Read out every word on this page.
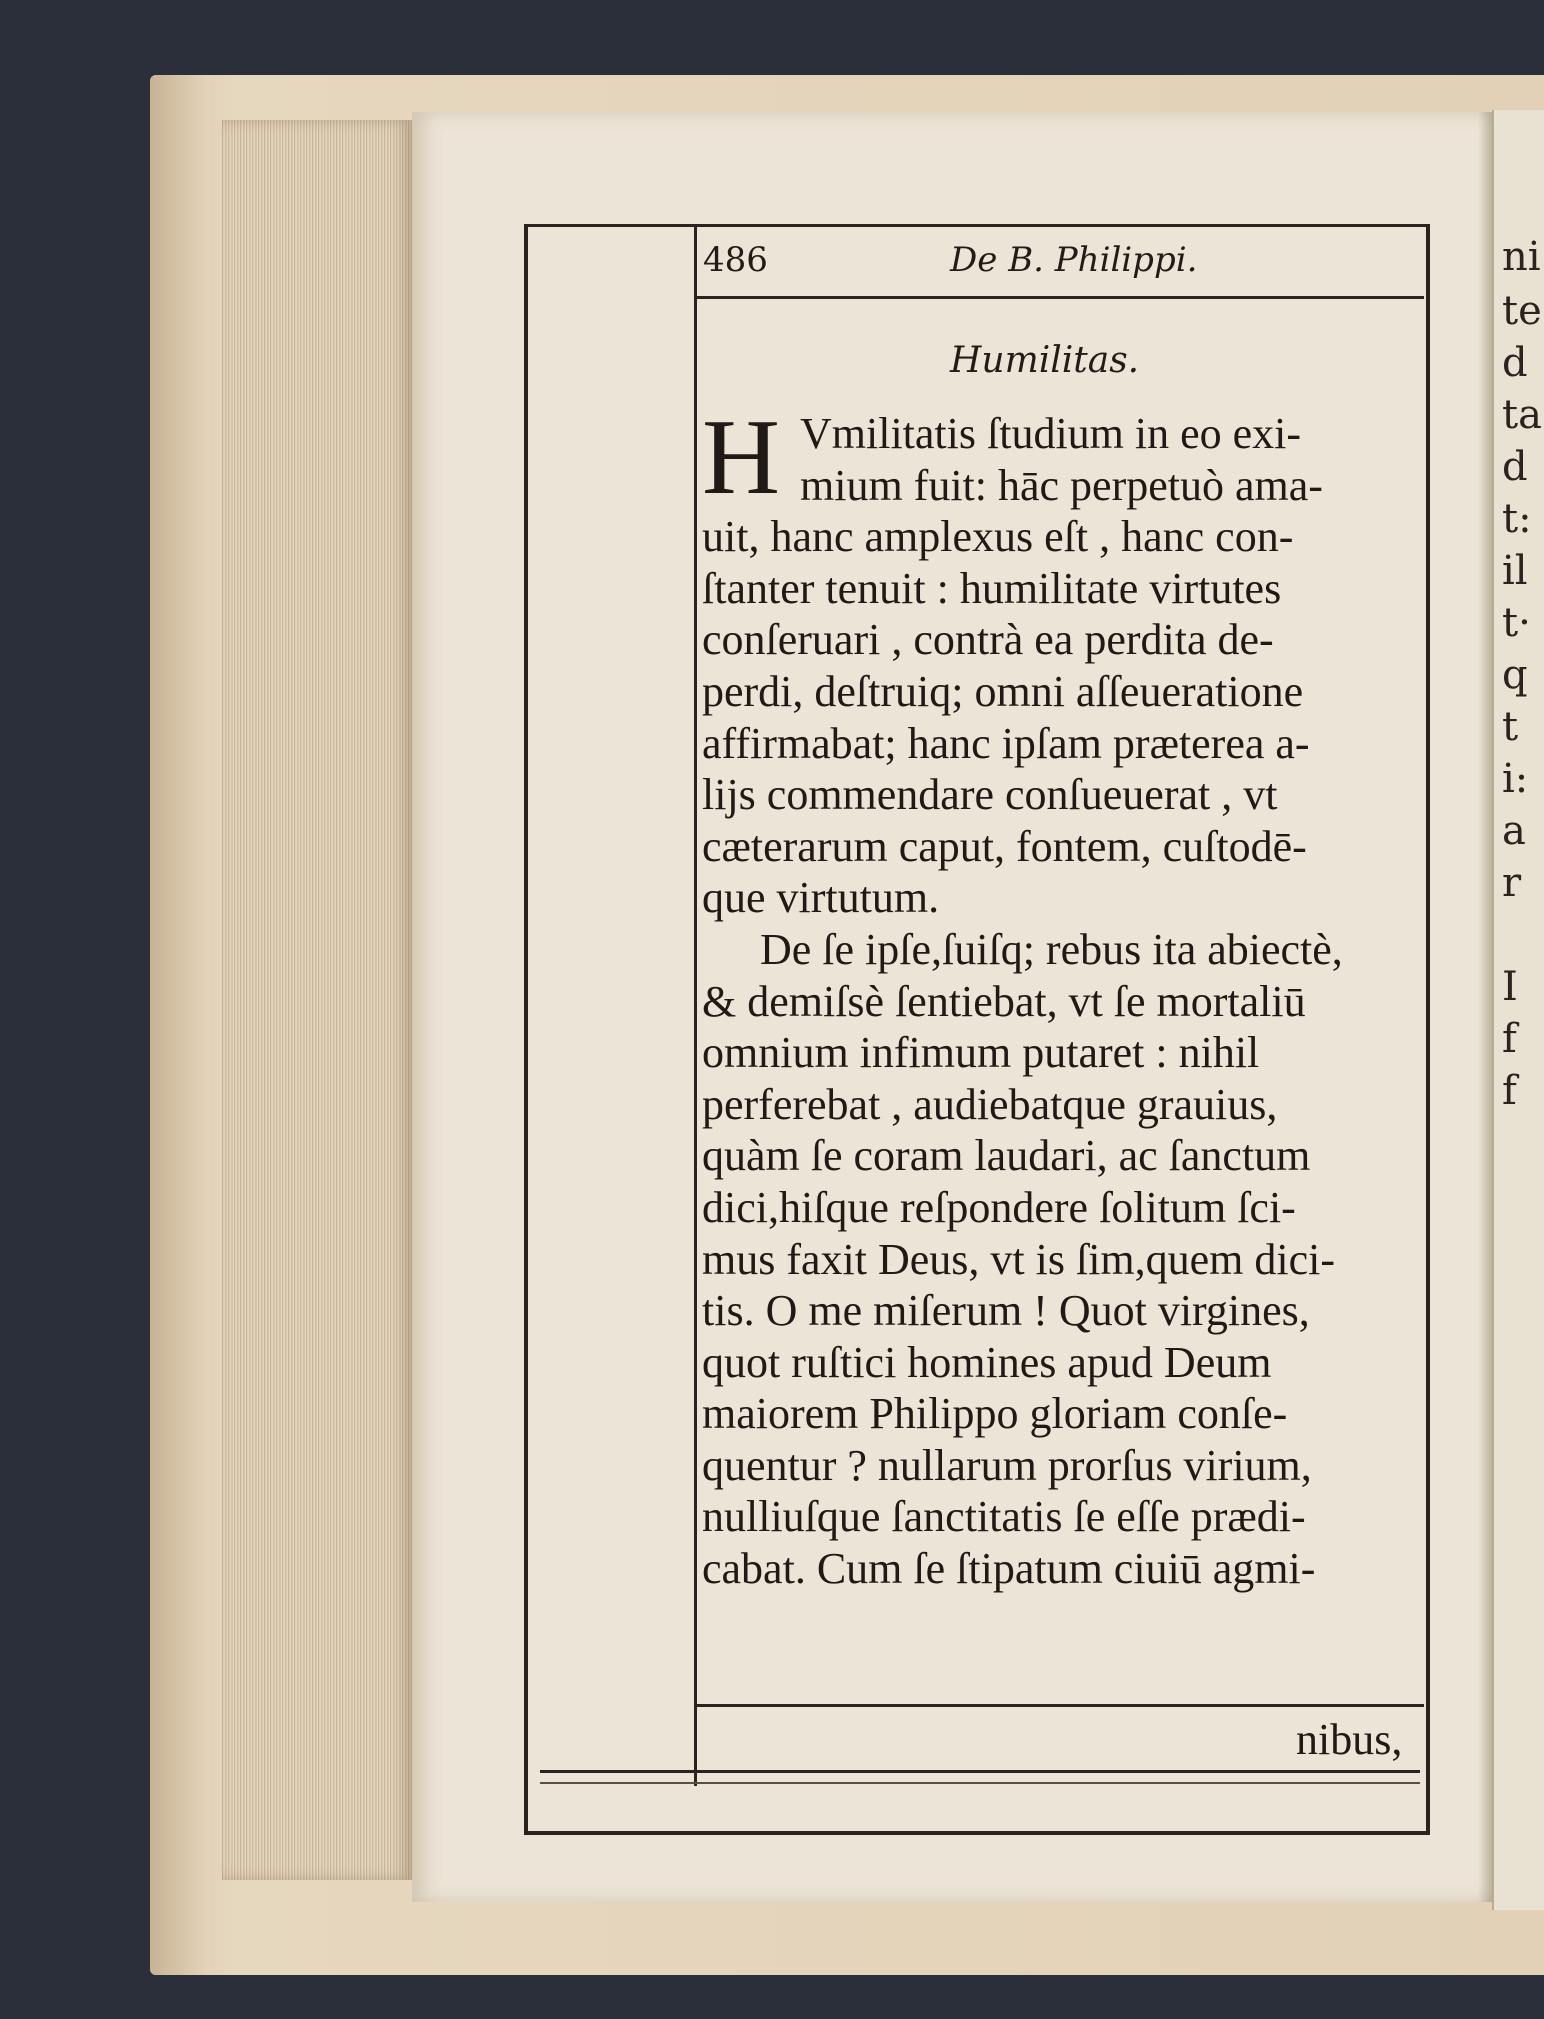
ni
te
d
ta
d
t:
il
t·
q
t
i:
a
r
I
f
f
486	De B. Philippi.
Humilitas.
H Vmilitatis ſtudium in eo exi-
mium fuit: hāc perpetuò ama-
uit, hanc amplexus eſt , hanc con-
ſtanter tenuit : humilitate virtutes
conſeruari , contrà ea perdita de-
perdi, deſtruiq; omni aſſeueratione
affirmabat; hanc ipſam præterea a-
lijs commendare conſueuerat , vt
cæterarum caput, fontem, cuſtodē-
que virtutum.
De ſe ipſe,ſuiſq; rebus ita abiectè,
& demiſsè ſentiebat, vt ſe mortaliū
omnium infimum putaret : nihil
perferebat , audiebatque grauius,
quàm ſe coram laudari, ac ſanctum
dici,hiſque reſpondere ſolitum ſci-
mus faxit Deus, vt is ſim,quem dici-
tis. O me miſerum ! Quot virgines,
quot ruſtici homines apud Deum
maiorem Philippo gloriam conſe-
quentur ? nullarum prorſus virium,
nulliuſque ſanctitatis ſe eſſe prædi-
cabat. Cum ſe ſtipatum ciuiū agmi-
nibus,
